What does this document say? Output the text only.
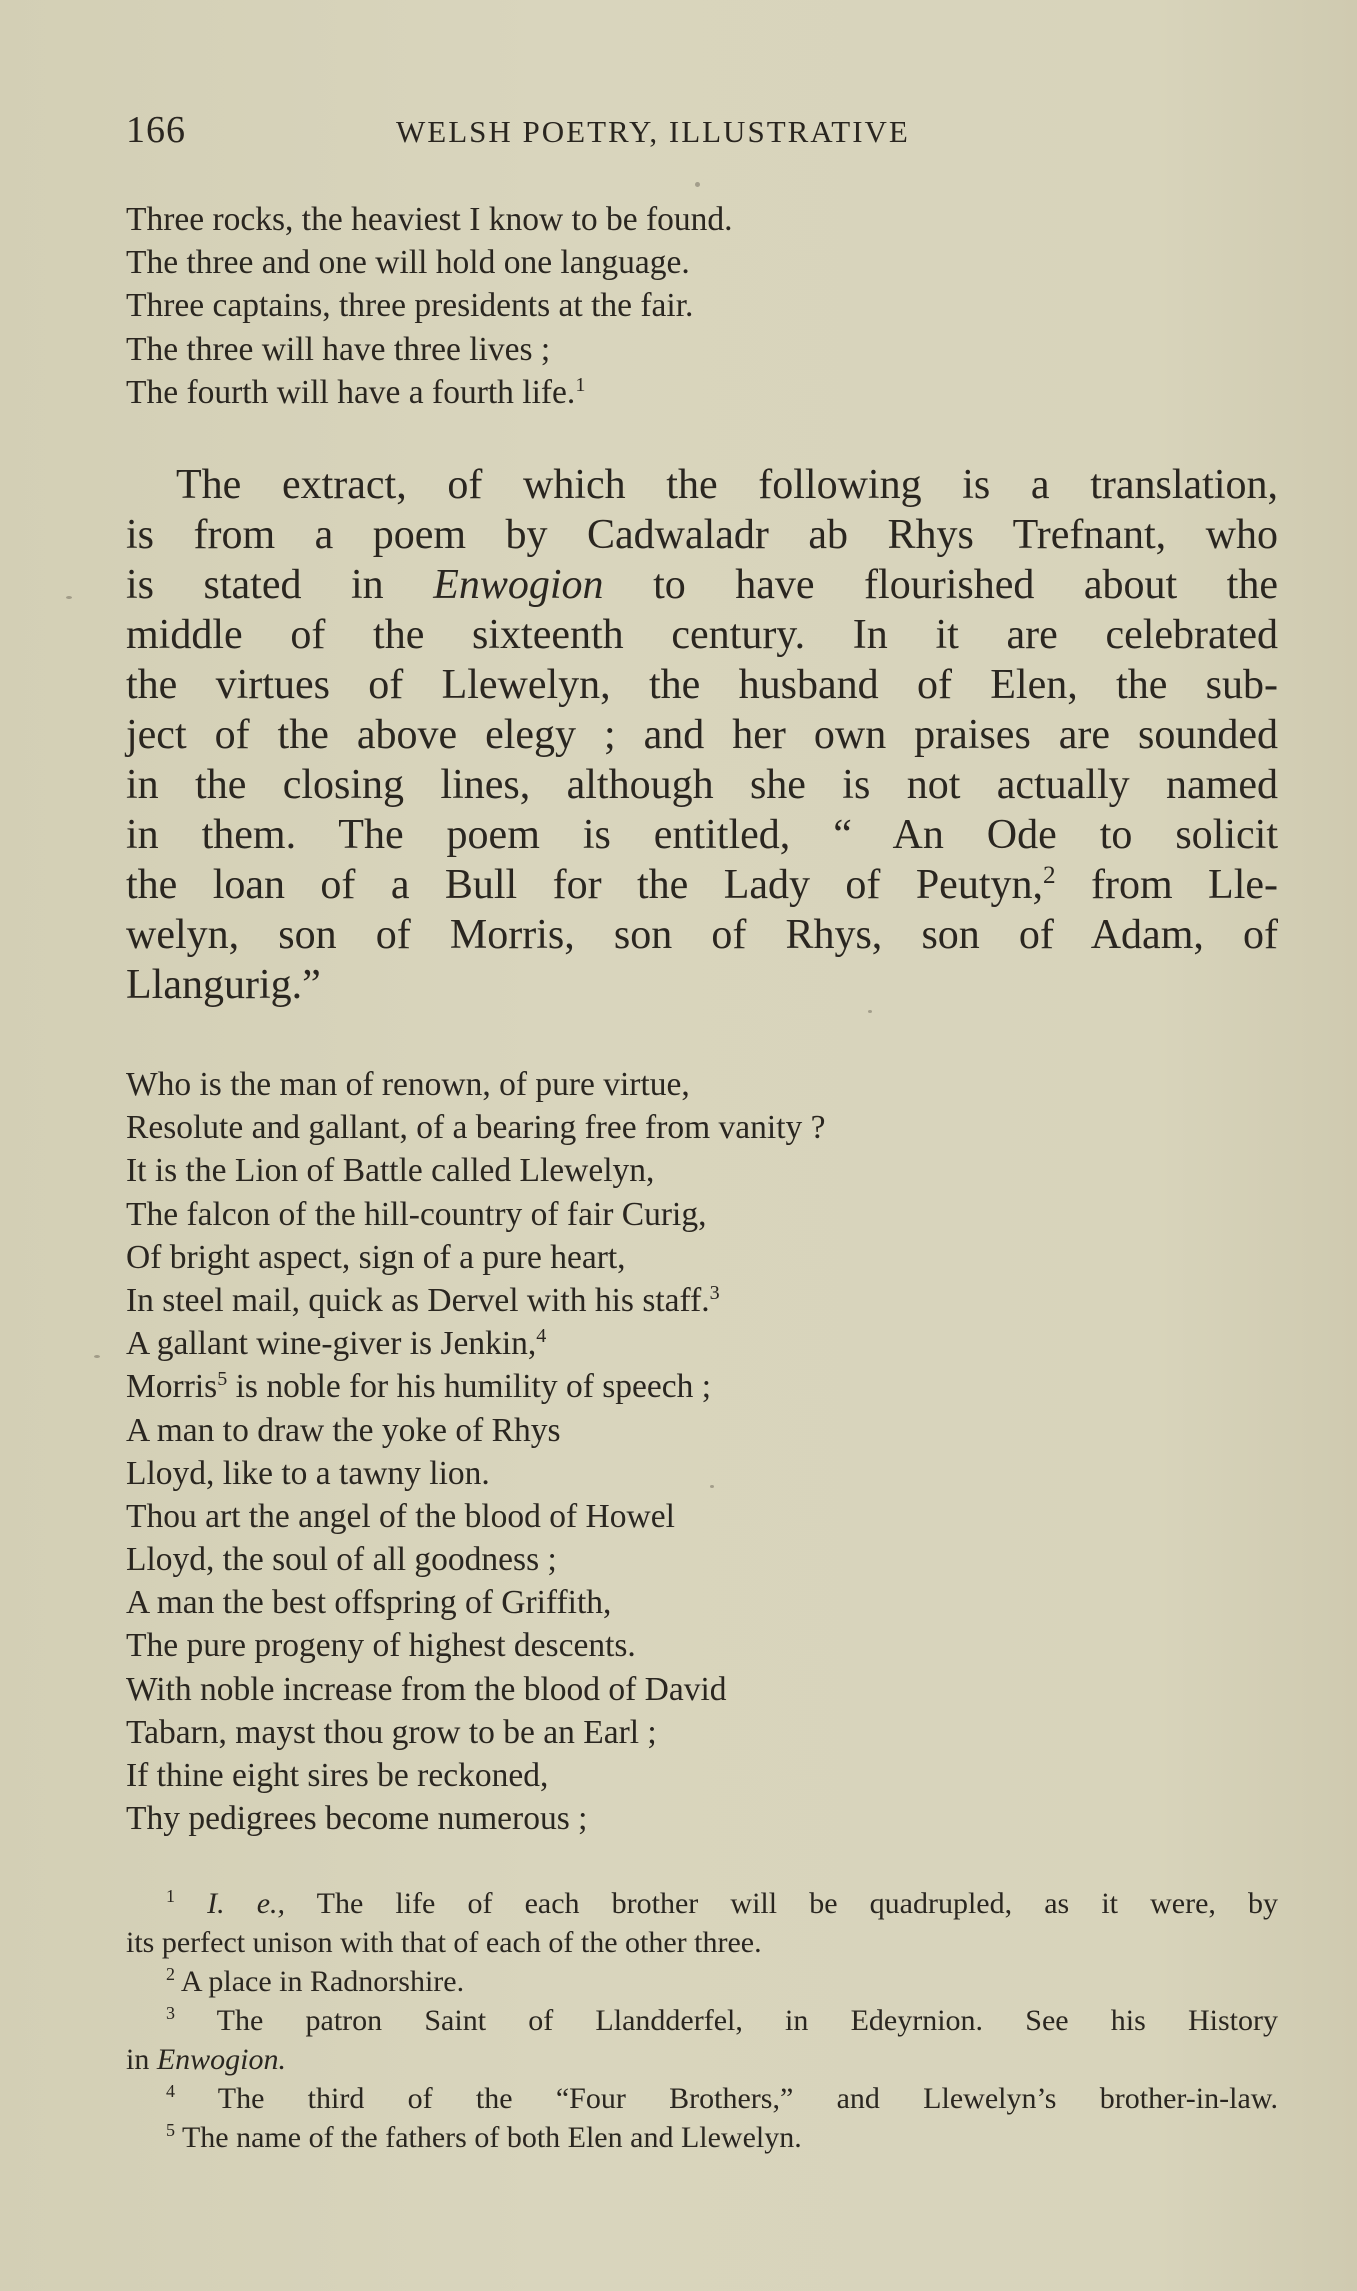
166	WELSH POETRY, ILLUSTRATIVE
Three rocks, the heaviest I know to be found.
The three and one will hold one language.
Three captains, three presidents at the fair.
The three will have three lives ;
The fourth will have a fourth life.$^1$
The extract, of which the following is a translation,
is from a poem by Cadwaladr ab Rhys Trefnant, who
is stated in Enwogion to have flourished about the
middle of the sixteenth century. In it are celebrated
the virtues of Llewelyn, the husband of Elen, the sub-
ject of the above elegy ; and her own praises are sounded
in the closing lines, although she is not actually named
in them. The poem is entitled, “ An Ode to solicit
the loan of a Bull for the Lady of Peutyn,$^2$ from Lle-
welyn, son of Morris, son of Rhys, son of Adam, of
Llangurig.”
Who is the man of renown, of pure virtue,
Resolute and gallant, of a bearing free from vanity ?
It is the Lion of Battle called Llewelyn,
The falcon of the hill-country of fair Curig,
Of bright aspect, sign of a pure heart,
In steel mail, quick as Dervel with his staff.$^3$
A gallant wine-giver is Jenkin,$^4$
Morris$^5$ is noble for his humility of speech ;
A man to draw the yoke of Rhys
Lloyd, like to a tawny lion.
Thou art the angel of the blood of Howel
Lloyd, the soul of all goodness ;
A man the best offspring of Griffith,
The pure progeny of highest descents.
With noble increase from the blood of David
Tabarn, mayst thou grow to be an Earl ;
If thine eight sires be reckoned,
Thy pedigrees become numerous ;
$^1$ I. e., The life of each brother will be quadrupled, as it were, by
its perfect unison with that of each of the other three.
$^2$ A place in Radnorshire.
$^3$ The patron Saint of Llandderfel, in Edeyrnion. See his History
in Enwogion.
$^4$ The third of the “Four Brothers,” and Llewelyn’s brother-in-law.
$^5$ The name of the fathers of both Elen and Llewelyn.
